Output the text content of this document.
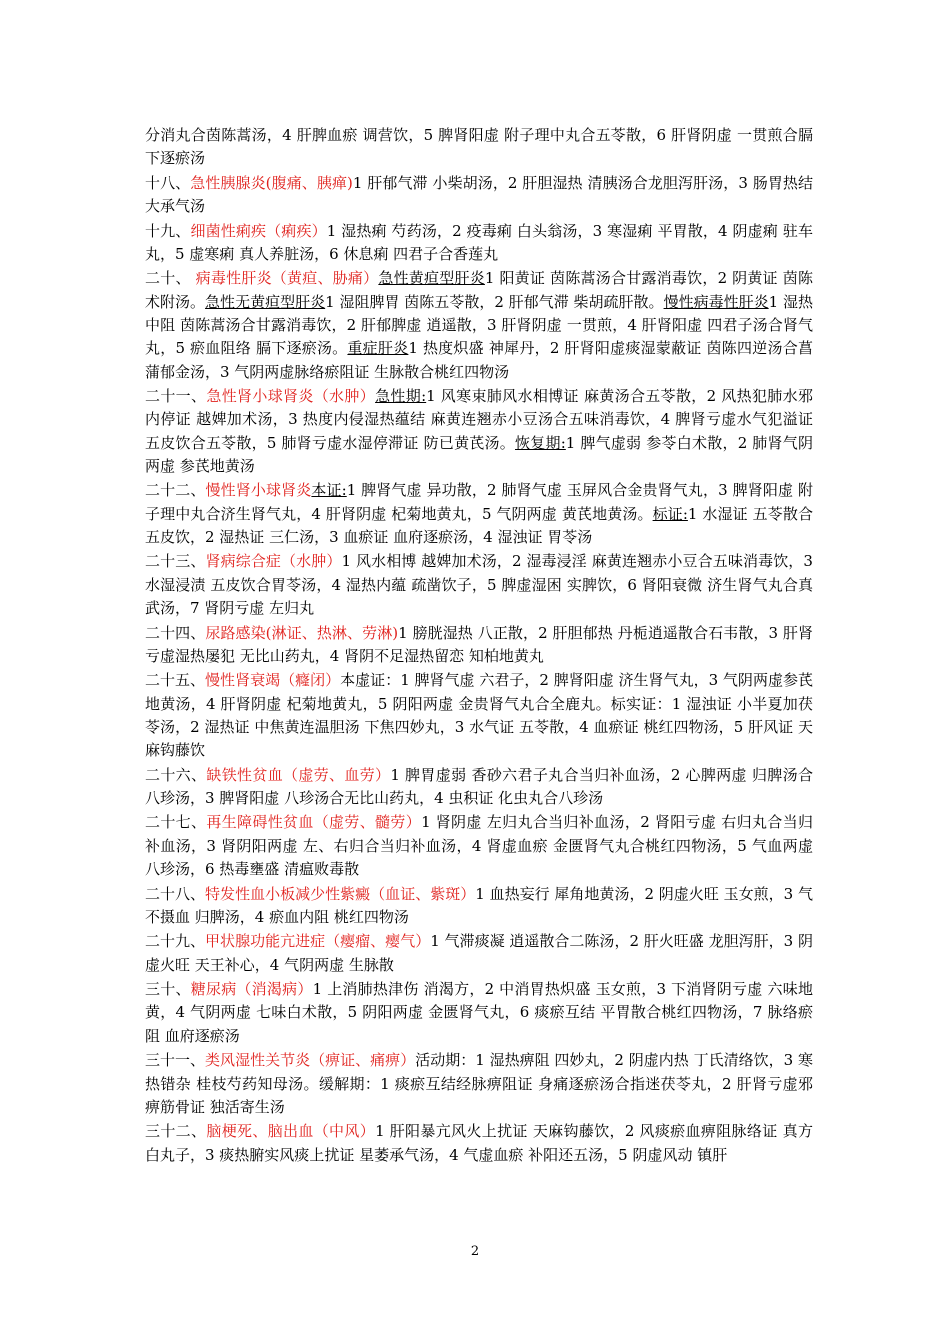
分消丸合茵陈蒿汤，4 肝脾血瘀 调营饮，5 脾肾阳虚 附子理中丸合五苓散，6 肝肾阴虚 一贯煎合膈下逐瘀汤

十八、急性胰腺炎(腹痛、胰瘅)1 肝郁气滞 小柴胡汤，2 肝胆湿热 清胰汤合龙胆泻肝汤，3 肠胃热结 大承气汤

十九、细菌性痢疾（痢疾）1 湿热痢 芍药汤，2 疫毒痢 白头翁汤，3 寒湿痢 平胃散，4 阴虚痢 驻车丸，5 虚寒痢 真人养脏汤，6 休息痢 四君子合香莲丸

二十、 病毒性肝炎（黄疸、胁痛）急性黄疸型肝炎1 阳黄证 茵陈蒿汤合甘露消毒饮，2 阴黄证 茵陈术附汤。急性无黄疸型肝炎1 湿阻脾胃 茵陈五苓散，2 肝郁气滞 柴胡疏肝散。慢性病毒性肝炎1 湿热中阻 茵陈蒿汤合甘露消毒饮，2 肝郁脾虚 逍遥散，3 肝肾阴虚 一贯煎，4 肝肾阳虚 四君子汤合肾气丸，5 瘀血阻络 膈下逐瘀汤。重症肝炎1 热度炽盛 神犀丹，2 肝肾阳虚痰湿蒙蔽证 茵陈四逆汤合菖蒲郁金汤，3 气阴两虚脉络瘀阻证 生脉散合桃红四物汤

二十一、急性肾小球肾炎（水肿）急性期:1 风寒束肺风水相博证 麻黄汤合五苓散，2 风热犯肺水邪内停证 越婢加术汤，3 热度内侵湿热蕴结 麻黄连翘赤小豆汤合五味消毒饮，4 脾肾亏虚水气犯溢证 五皮饮合五苓散，5 肺肾亏虚水湿停滞证 防已黄芪汤。恢复期:1 脾气虚弱 参苓白术散，2 肺肾气阴两虚 参芪地黄汤

二十二、慢性肾小球肾炎本证:1 脾肾气虚 异功散，2 肺肾气虚 玉屏风合金贵肾气丸，3 脾肾阳虚 附子理中丸合济生肾气丸，4 肝肾阴虚 杞菊地黄丸，5 气阴两虚 黄芪地黄汤。标证:1 水湿证 五苓散合五皮饮，2 湿热证 三仁汤，3 血瘀证 血府逐瘀汤，4 湿浊证 胃苓汤

二十三、肾病综合症（水肿）1 风水相博 越婢加术汤，2 湿毒浸淫 麻黄连翘赤小豆合五味消毒饮，3 水湿浸渍 五皮饮合胃苓汤，4 湿热内蕴 疏凿饮子，5 脾虚湿困 实脾饮，6 肾阳衰微 济生肾气丸合真武汤，7 肾阴亏虚 左归丸

二十四、尿路感染(淋证、热淋、劳淋)1 膀胱湿热 八正散，2 肝胆郁热 丹栀逍遥散合石韦散，3 肝肾亏虚湿热屡犯 无比山药丸，4 肾阴不足湿热留恋 知柏地黄丸

二十五、慢性肾衰竭（癃闭）本虚证：1 脾肾气虚 六君子，2 脾肾阳虚 济生肾气丸，3 气阴两虚参芪地黄汤，4 肝肾阴虚 杞菊地黄丸，5 阴阳两虚 金贵肾气丸合全鹿丸。标实证：1 湿浊证 小半夏加茯苓汤，2 湿热证 中焦黄连温胆汤 下焦四妙丸，3 水气证 五苓散，4 血瘀证 桃红四物汤，5 肝风证 天麻钩藤饮

二十六、缺铁性贫血（虚劳、血劳）1 脾胃虚弱 香砂六君子丸合当归补血汤，2 心脾两虚 归脾汤合八珍汤，3 脾肾阳虚 八珍汤合无比山药丸，4 虫积证 化虫丸合八珍汤

二十七、再生障碍性贫血（虚劳、髓劳）1 肾阴虚 左归丸合当归补血汤，2 肾阳亏虚 右归丸合当归补血汤，3 肾阴阳两虚 左、右归合当归补血汤，4 肾虚血瘀 金匮肾气丸合桃红四物汤，5 气血两虚 八珍汤，6 热毒壅盛 清瘟败毒散

二十八、特发性血小板减少性紫癜（血证、紫斑）1 血热妄行 犀角地黄汤，2 阴虚火旺 玉女煎，3 气不摄血 归脾汤，4 瘀血内阻 桃红四物汤

二十九、甲状腺功能亢进症（瘿瘤、瘿气）1 气滞痰凝 逍遥散合二陈汤，2 肝火旺盛 龙胆泻肝，3 阴虚火旺 天王补心，4 气阴两虚 生脉散

三十、糖尿病（消渴病）1 上消肺热津伤 消渴方，2 中消胃热炽盛 玉女煎，3 下消肾阴亏虚 六味地黄，4 气阴两虚 七味白术散，5 阴阳两虚 金匮肾气丸，6 痰瘀互结 平胃散合桃红四物汤，7 脉络瘀阻 血府逐瘀汤

三十一、类风湿性关节炎（痹证、痛痹）活动期：1 湿热痹阻 四妙丸，2 阴虚内热 丁氏清络饮，3 寒热错杂 桂枝芍药知母汤。缓解期：1 痰瘀互结经脉痹阻证 身痛逐瘀汤合指迷茯苓丸，2 肝肾亏虚邪痹筋骨证 独活寄生汤

三十二、脑梗死、脑出血（中风）1 肝阳暴亢风火上扰证 天麻钩藤饮，2 风痰瘀血痹阻脉络证 真方白丸子，3 痰热腑实风痰上扰证 星萎承气汤，4 气虚血瘀 补阳还五汤，5 阴虚风动 镇肝

2
